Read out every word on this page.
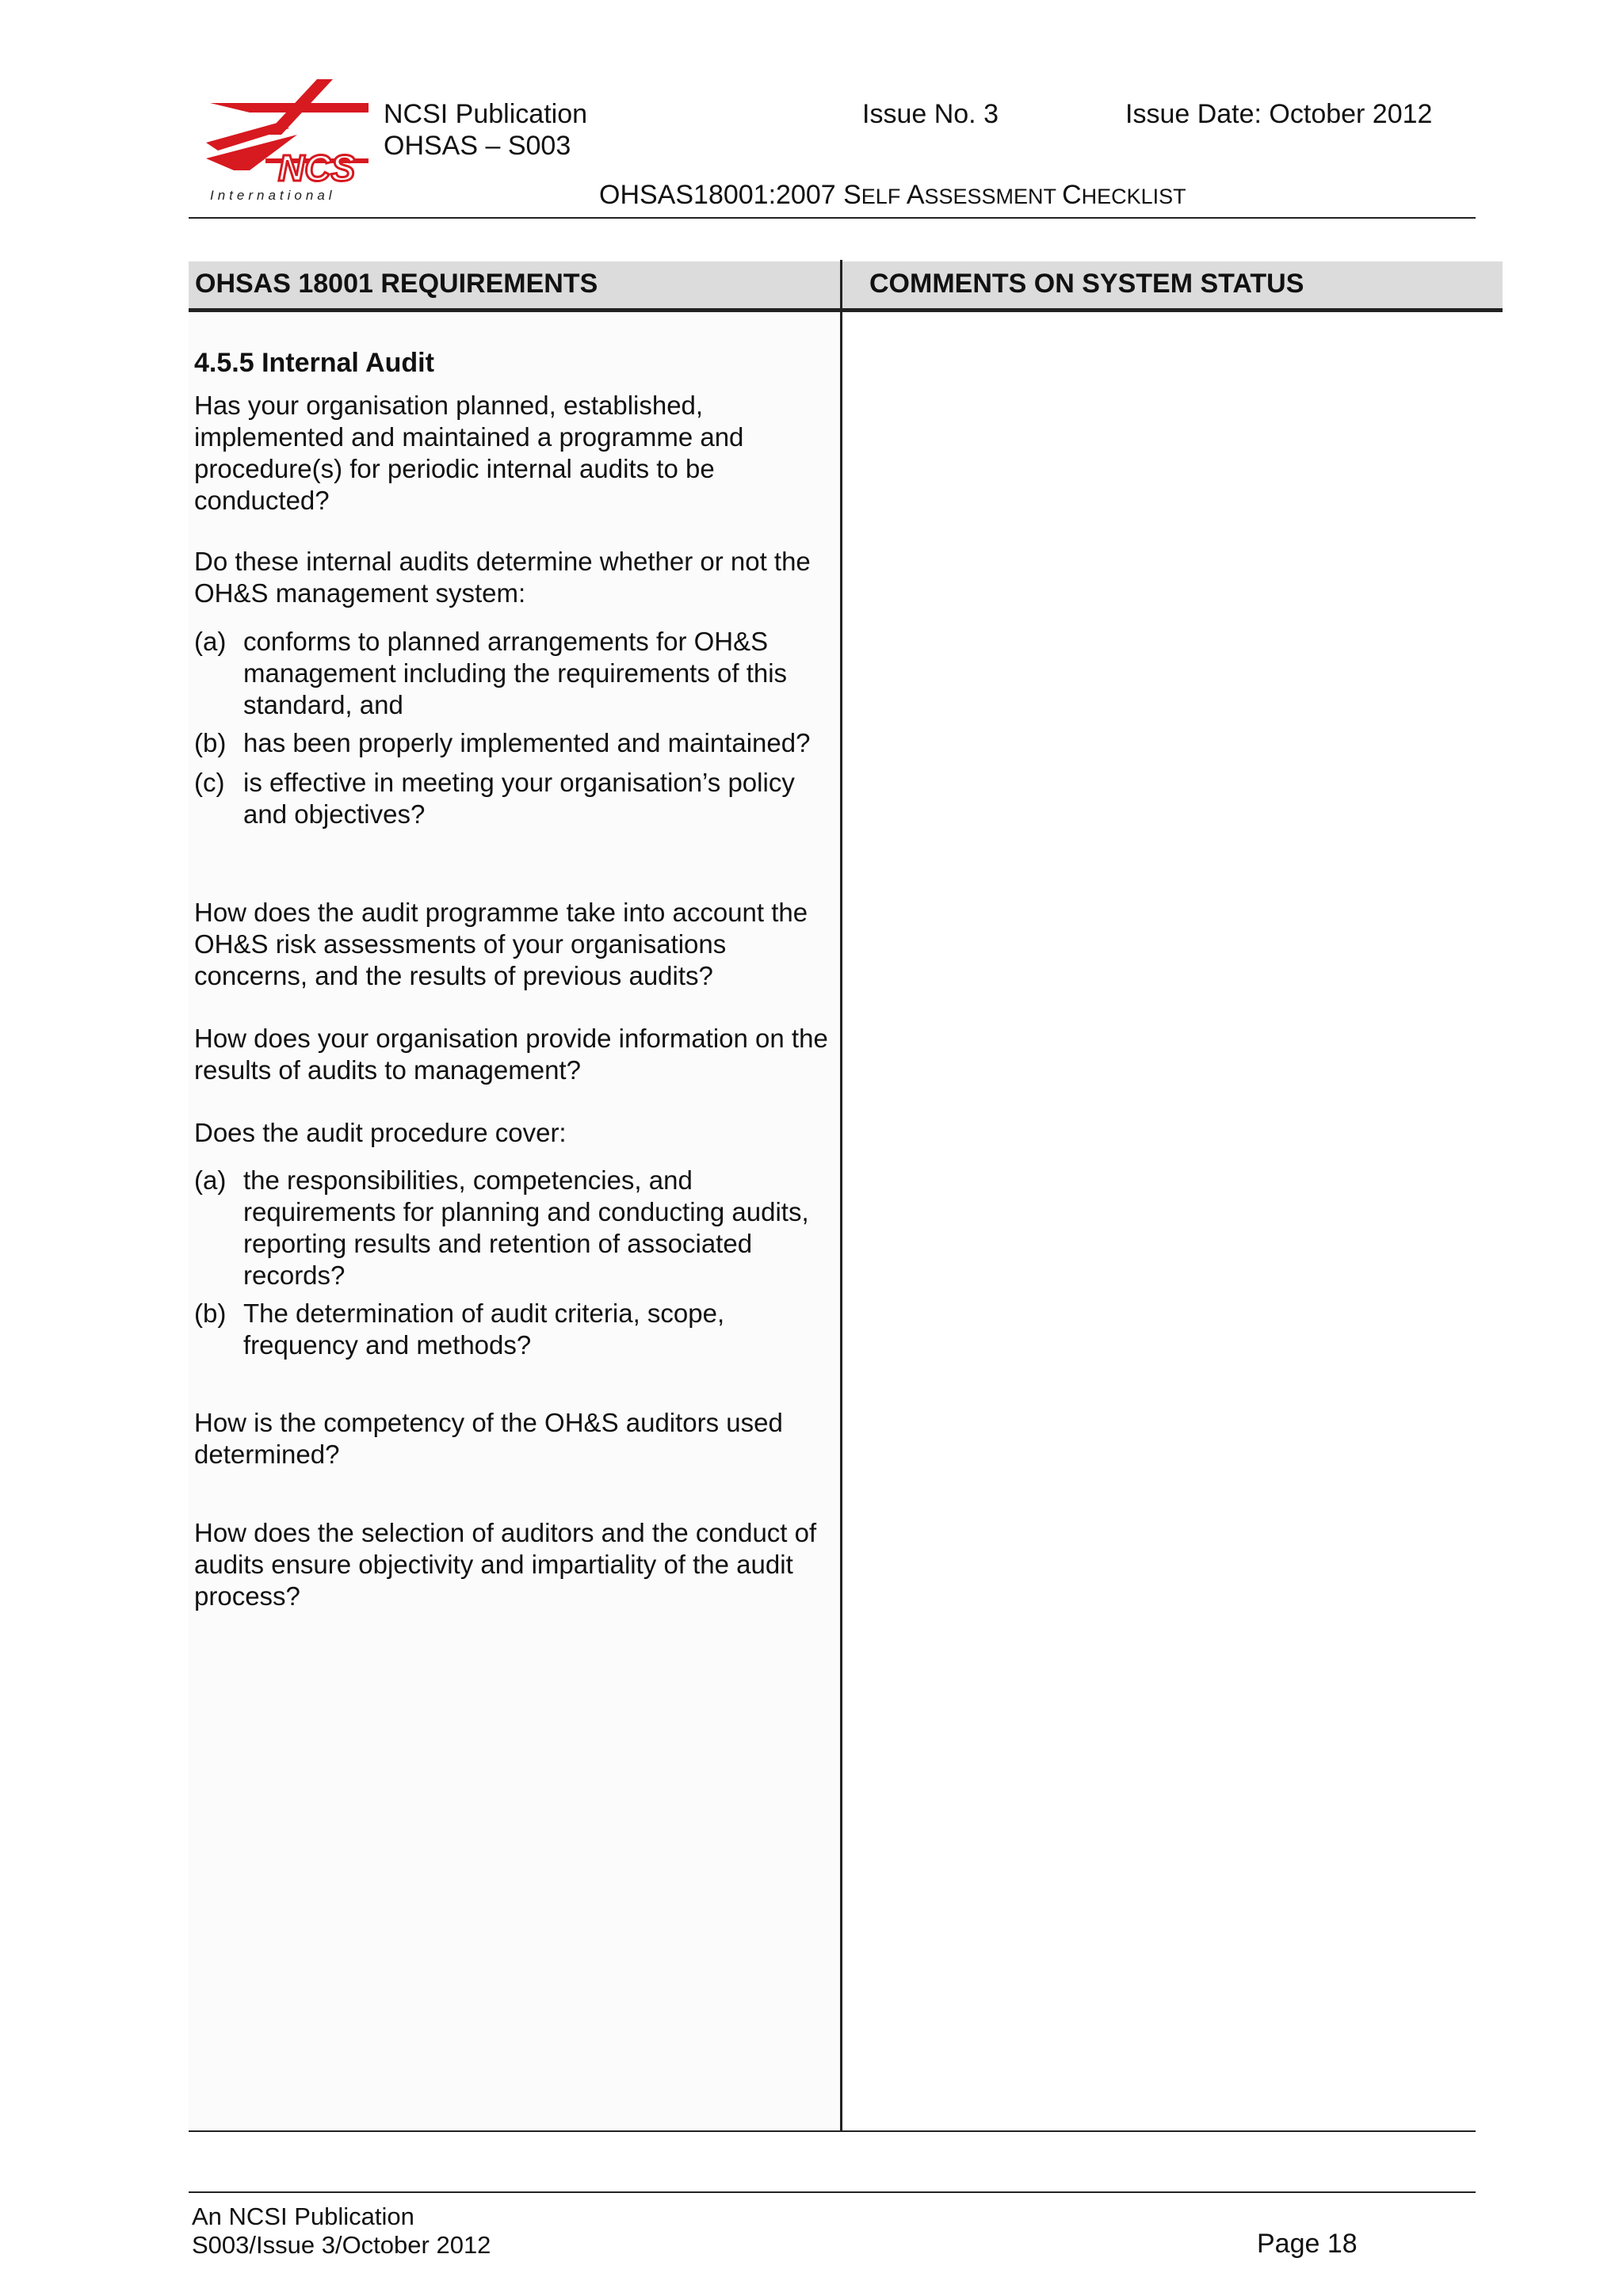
NCS
International
NCSI Publication
OHSAS – S003
Issue No. 3	Issue Date: October 2012
OHSAS18001:2007 SELF ASSESSMENT CHECKLIST
OHSAS 18001 REQUIREMENTS	COMMENTS ON SYSTEM STATUS
4.5.5 Internal Audit
Has your organisation planned, established, implemented and maintained a programme and procedure(s) for periodic internal audits to be conducted?
Do these internal audits determine whether or not the OH&S management system:
(a) conforms to planned arrangements for OH&S management including the requirements of this standard, and
(b) has been properly implemented and maintained?
(c) is effective in meeting your organisation’s policy and objectives?
How does the audit programme take into account the OH&S risk assessments of your organisations concerns, and the results of previous audits?
How does your organisation provide information on the results of audits to management?
Does the audit procedure cover:
(a) the responsibilities, competencies, and requirements for planning and conducting audits, reporting results and retention of associated records?
(b) The determination of audit criteria, scope, frequency and methods?
How is the competency of the OH&S auditors used determined?
How does the selection of auditors and the conduct of audits ensure objectivity and impartiality of the audit process?
An NCSI Publication
S003/Issue 3/October 2012	Page 18
